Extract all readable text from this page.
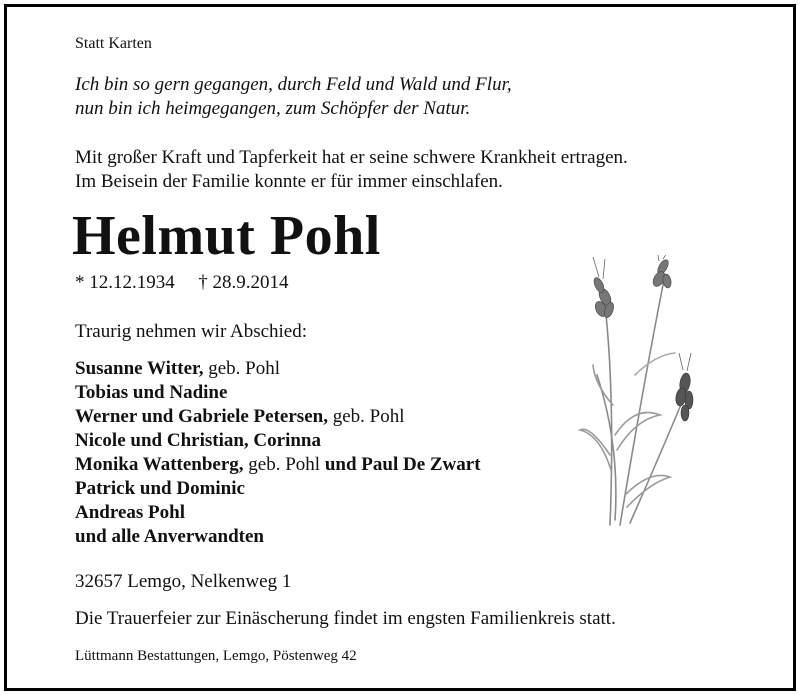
Statt Karten
Ich bin so gern gegangen, durch Feld und Wald und Flur,
nun bin ich heimgegangen, zum Schöpfer der Natur.
Mit großer Kraft und Tapferkeit hat er seine schwere Krankheit ertragen.
Im Beisein der Familie konnte er für immer einschlafen.
Helmut Pohl
* 12.12.1934 † 28.9.2014
Traurig nehmen wir Abschied:
Susanne Witter, geb. Pohl
Tobias und Nadine
Werner und Gabriele Petersen, geb. Pohl
Nicole und Christian, Corinna
Monika Wattenberg, geb. Pohl und Paul De Zwart
Patrick und Dominic
Andreas Pohl
und alle Anverwandten
32657 Lemgo, Nelkenweg 1
Die Trauerfeier zur Einäscherung findet im engsten Familienkreis statt.
Lüttmann Bestattungen, Lemgo, Pöstenweg 42
